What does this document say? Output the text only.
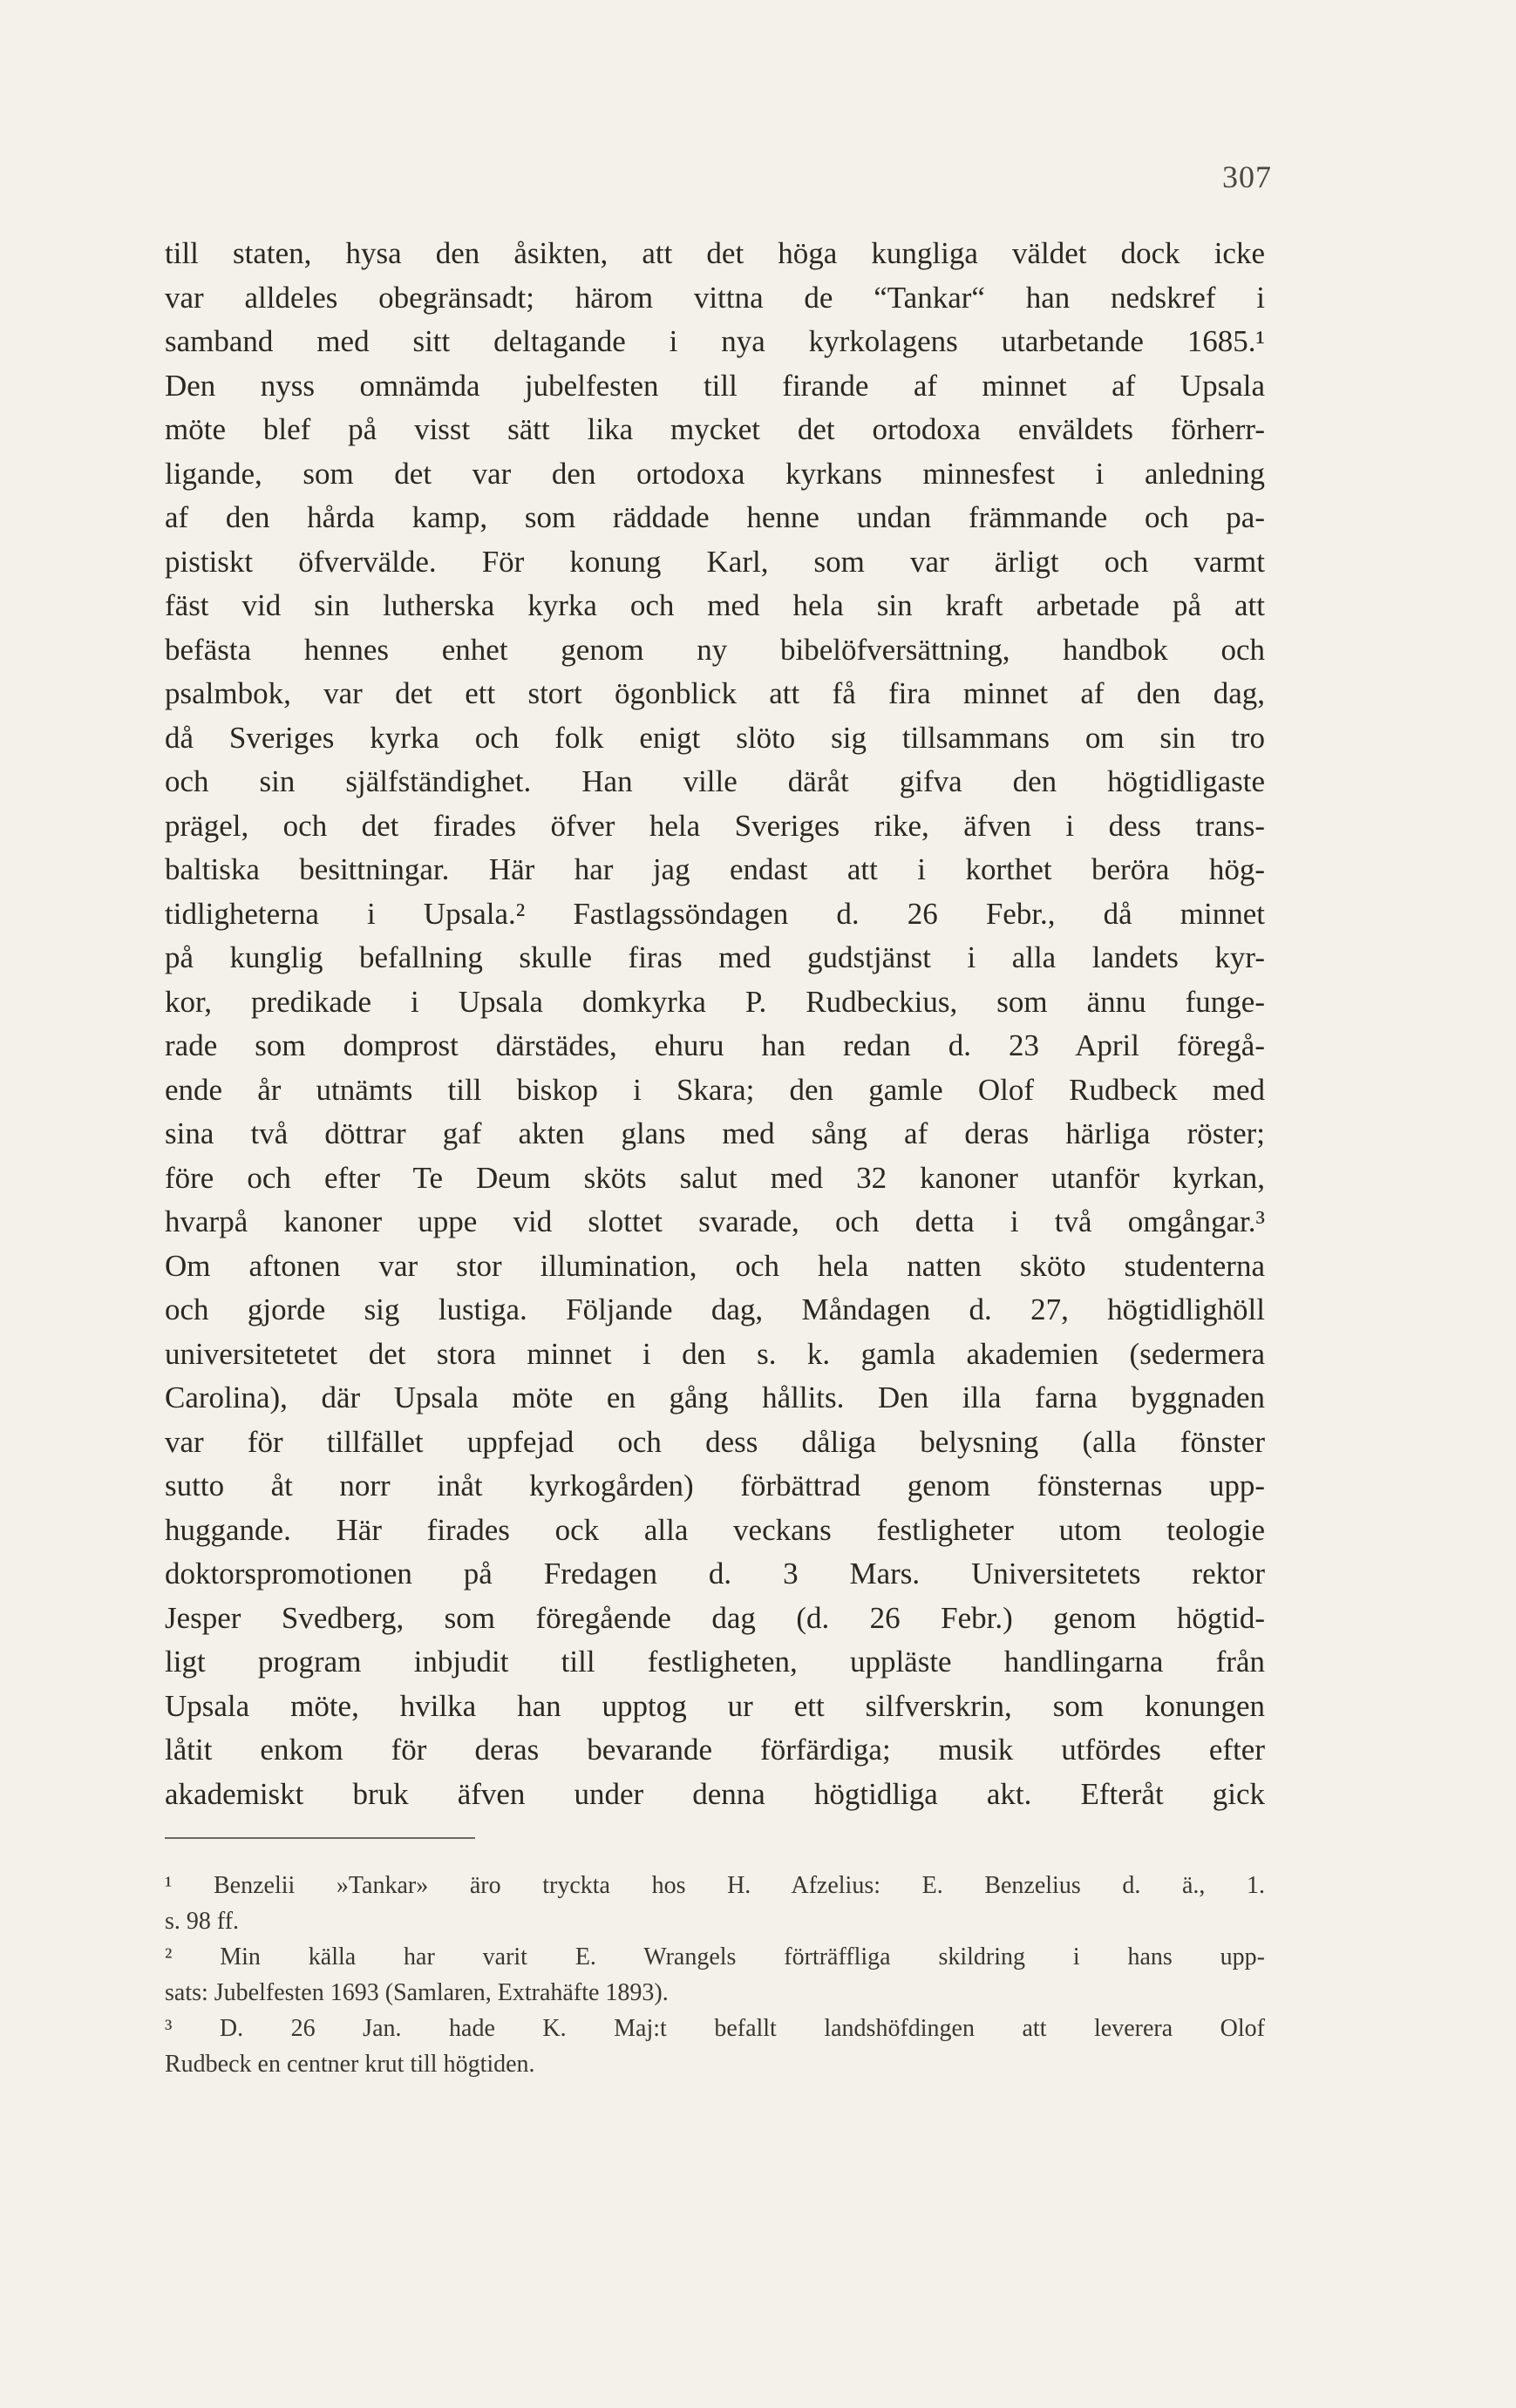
307
till staten, hysa den åsikten, att det höga kungliga väldet dock icke
var alldeles obegränsadt; härom vittna de “Tankar“ han nedskref i
samband med sitt deltagande i nya kyrkolagens utarbetande 1685.¹
Den nyss omnämda jubelfesten till firande af minnet af Upsala
möte blef på visst sätt lika mycket det ortodoxa enväldets förherr-
ligande, som det var den ortodoxa kyrkans minnesfest i anledning
af den hårda kamp, som räddade henne undan främmande och pa-
pistiskt öfvervälde. För konung Karl, som var ärligt och varmt
fäst vid sin lutherska kyrka och med hela sin kraft arbetade på att
befästa hennes enhet genom ny bibelöfversättning, handbok och
psalmbok, var det ett stort ögonblick att få fira minnet af den dag,
då Sveriges kyrka och folk enigt slöto sig tillsammans om sin tro
och sin själfständighet. Han ville däråt gifva den högtidligaste
prägel, och det firades öfver hela Sveriges rike, äfven i dess trans-
baltiska besittningar. Här har jag endast att i korthet beröra hög-
tidligheterna i Upsala.² Fastlagssöndagen d. 26 Febr., då minnet
på kunglig befallning skulle firas med gudstjänst i alla landets kyr-
kor, predikade i Upsala domkyrka P. Rudbeckius, som ännu funge-
rade som domprost därstädes, ehuru han redan d. 23 April föregå-
ende år utnämts till biskop i Skara; den gamle Olof Rudbeck med
sina två döttrar gaf akten glans med sång af deras härliga röster;
före och efter Te Deum sköts salut med 32 kanoner utanför kyrkan,
hvarpå kanoner uppe vid slottet svarade, och detta i två omgångar.³
Om aftonen var stor illumination, och hela natten sköto studenterna
och gjorde sig lustiga. Följande dag, Måndagen d. 27, högtidlighöll
universitetetet det stora minnet i den s. k. gamla akademien (sedermera
Carolina), där Upsala möte en gång hållits. Den illa farna byggnaden
var för tillfället uppfejad och dess dåliga belysning (alla fönster
sutto åt norr inåt kyrkogården) förbättrad genom fönsternas upp-
huggande. Här firades ock alla veckans festligheter utom teologie
doktorspromotionen på Fredagen d. 3 Mars. Universitetets rektor
Jesper Svedberg, som föregående dag (d. 26 Febr.) genom högtid-
ligt program inbjudit till festligheten, uppläste handlingarna från
Upsala möte, hvilka han upptog ur ett silfverskrin, som konungen
låtit enkom för deras bevarande förfärdiga; musik utfördes efter
akademiskt bruk äfven under denna högtidliga akt. Efteråt gick
¹ Benzelii »Tankar» äro tryckta hos H. Afzelius: E. Benzelius d. ä., 1.
s. 98 ff.
² Min källa har varit E. Wrangels förträffliga skildring i hans upp-
sats: Jubelfesten 1693 (Samlaren, Extrahäfte 1893).
³ D. 26 Jan. hade K. Maj:t befallt landshöfdingen att leverera Olof
Rudbeck en centner krut till högtiden.
